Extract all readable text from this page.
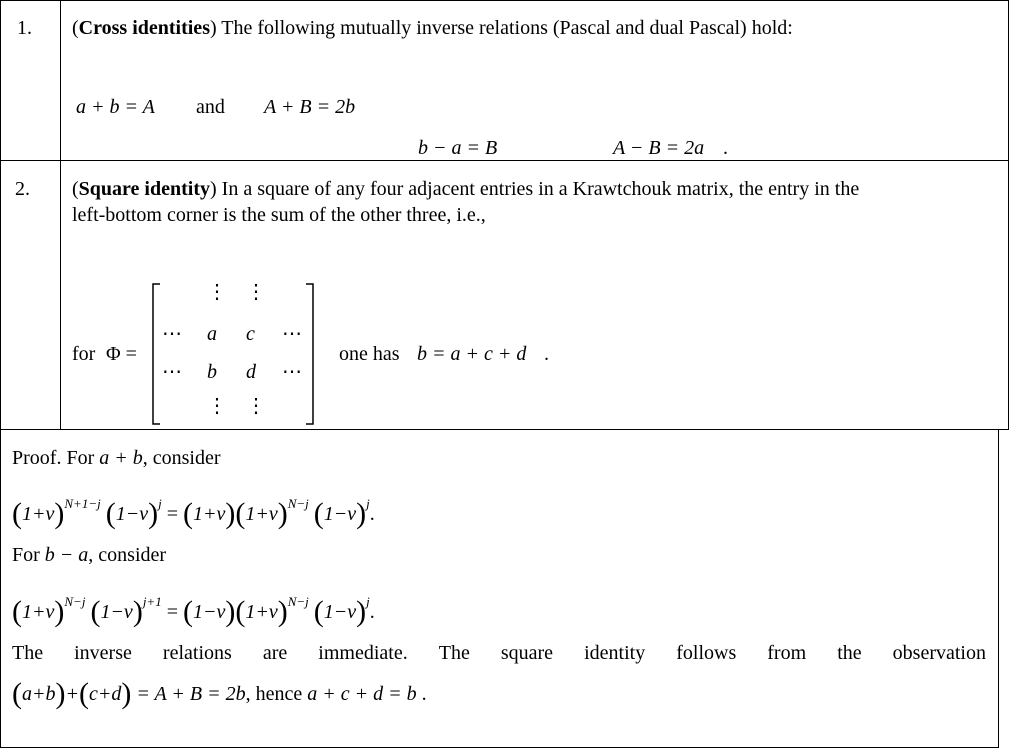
1. (Cross identities) The following mutually inverse relations (Pascal and dual Pascal) hold:
a + b = A and A + B = 2b
b − a = B	A − B = 2a .
2. (Square identity) In a square of any four adjacent entries in a Krawtchouk matrix, the entry in the
left-bottom corner is the sum of the other three, i.e.,
for Φ =
⋮ ⋮
⋯ a c ⋯
⋯ b d ⋯
⋮ ⋮
one has b = a + c + d .
Proof. For a + b, consider
$(1+v)^{N+1-j}$ $(1-v)^j = (1+v)(1+v)^{N-j}$ $(1-v)^j$.
For b − a, consider
$(1+v)^{N-j}$ $(1-v)^{j+1} = (1-v)(1+v)^{N-j}$ $(1-v)^j$.
The inverse relations are immediate. The square identity follows from the observation
(a+b)+(c+d) = A + B = 2b, hence a + c + d = b .
